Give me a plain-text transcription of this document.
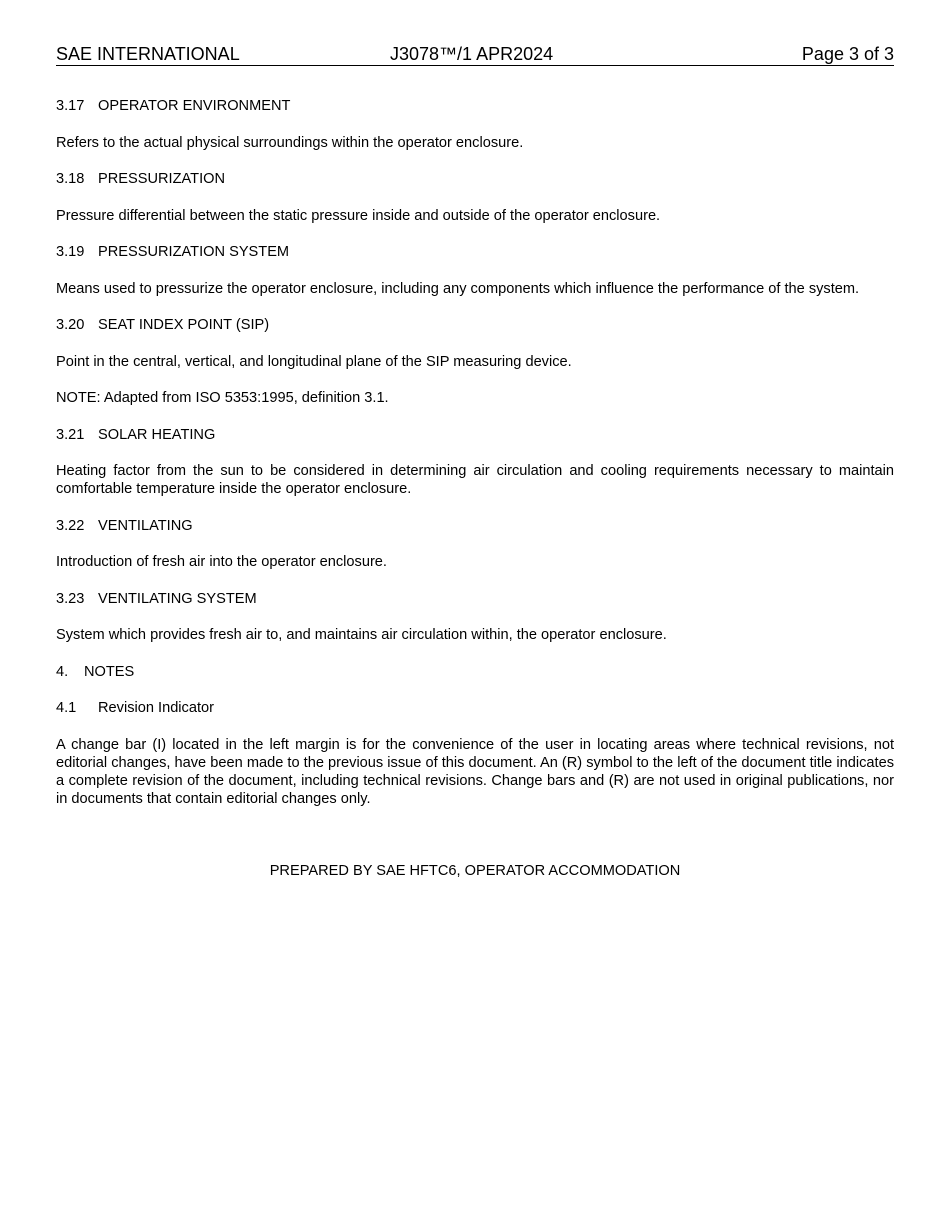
SAE INTERNATIONAL	J3078™/1 APR2024	Page 3 of 3
3.17 OPERATOR ENVIRONMENT
Refers to the actual physical surroundings within the operator enclosure.
3.18 PRESSURIZATION
Pressure differential between the static pressure inside and outside of the operator enclosure.
3.19 PRESSURIZATION SYSTEM
Means used to pressurize the operator enclosure, including any components which influence the performance of the system.
3.20 SEAT INDEX POINT (SIP)
Point in the central, vertical, and longitudinal plane of the SIP measuring device.
NOTE: Adapted from ISO 5353:1995, definition 3.1.
3.21 SOLAR HEATING
Heating factor from the sun to be considered in determining air circulation and cooling requirements necessary to maintain comfortable temperature inside the operator enclosure.
3.22 VENTILATING
Introduction of fresh air into the operator enclosure.
3.23 VENTILATING SYSTEM
System which provides fresh air to, and maintains air circulation within, the operator enclosure.
4.	NOTES
4.1	Revision Indicator
A change bar (I) located in the left margin is for the convenience of the user in locating areas where technical revisions, not editorial changes, have been made to the previous issue of this document. An (R) symbol to the left of the document title indicates a complete revision of the document, including technical revisions. Change bars and (R) are not used in original publications, nor in documents that contain editorial changes only.
PREPARED BY SAE HFTC6, OPERATOR ACCOMMODATION
